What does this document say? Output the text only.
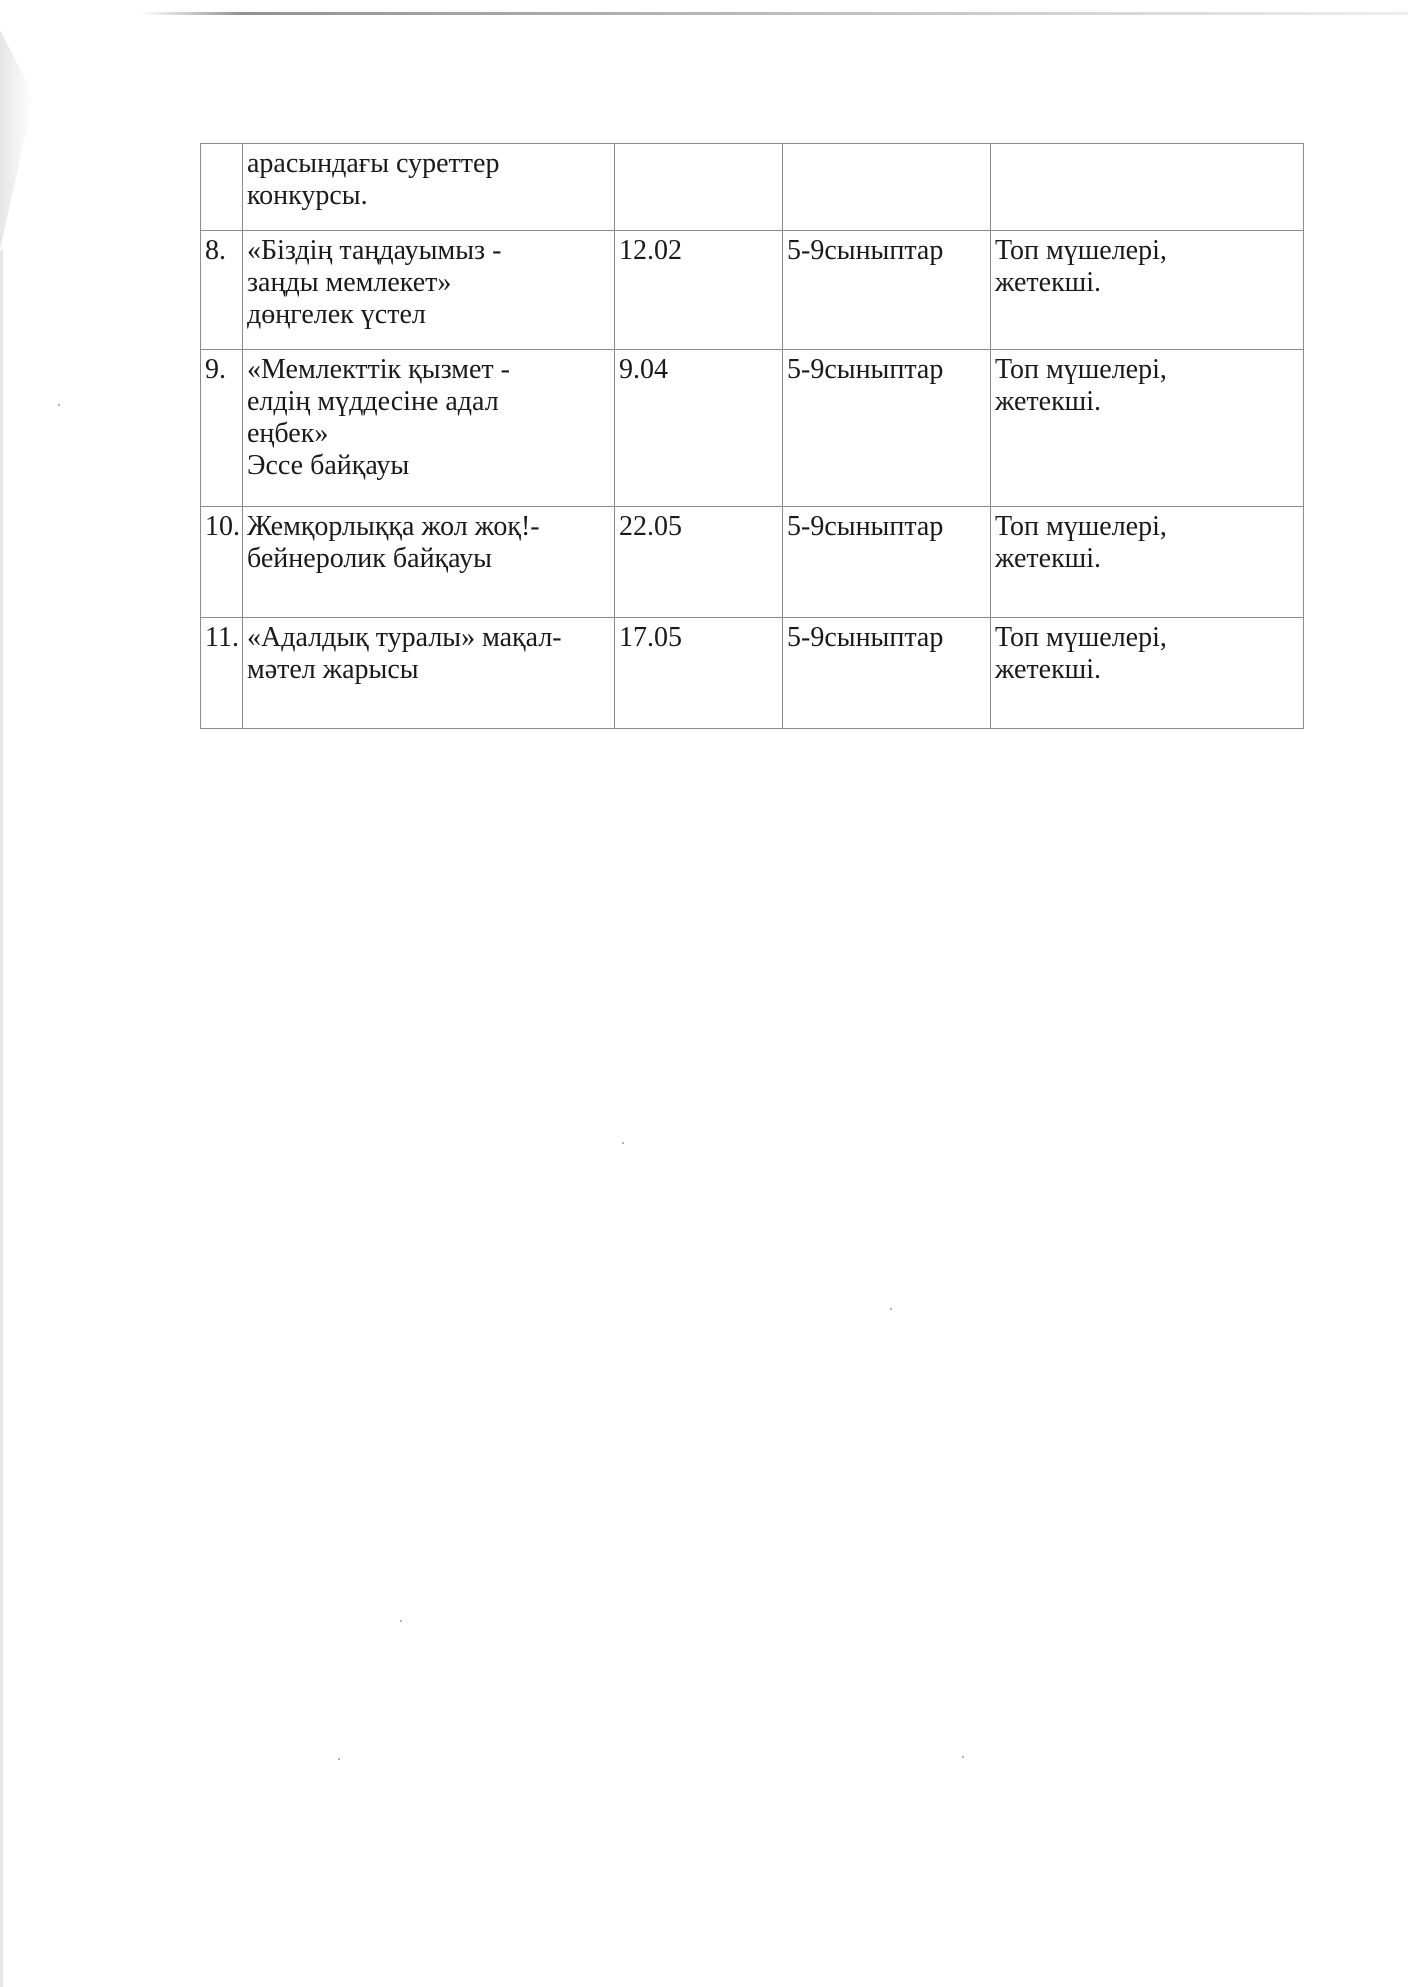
	арасындағы суреттер
конкурсы.			
8.	«Біздің таңдауымыз -
заңды мемлекет»
дөңгелек үстел	12.02	5-9сыныптар	Топ мүшелері,
жетекші.
9.	«Мемлекттік қызмет -
елдің мүддесіне адал
еңбек»
Эссе байқауы	9.04	5-9сыныптар	Топ мүшелері,
жетекші.
10.	Жемқорлыққа жол жоқ!-
бейнеролик байқауы	22.05	5-9сыныптар	Топ мүшелері,
жетекші.
11.	«Адалдық туралы» мақал-
мәтел жарысы	17.05	5-9сыныптар	Топ мүшелері,
жетекші.
